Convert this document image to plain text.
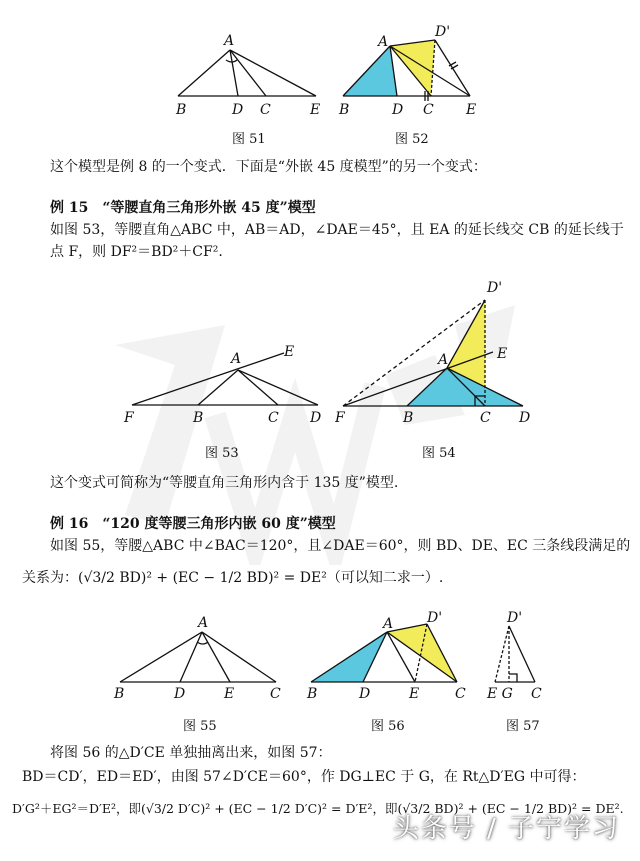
A
B	D C	E
图 51
A
D'
B	D C E
图 52
这个模型是例 8 的一个变式．下面是“外嵌 45 度模型”的另一个变式：
例 15　“等腰直角三角形外嵌 45 度”模型
如图 53，等腰直角△ABC 中，AB＝AD，∠DAE＝45°，且 EA 的延长线交 CB 的延长线于
点 F，则 DF²＝BD²＋CF².
A	E
F	B	C D
图 53
D'
A	E
F	B	C D
图 54
这个变式可简称为“等腰直角三角形内含于 135 度”模型.
例 16　“120 度等腰三角形内嵌 60 度”模型
如图 55，等腰△ABC 中∠BAC＝120°，且∠DAE＝60°，则 BD、DE、EC 三条线段满足的
关系为：(√3/2 BD)² + (EC − 1/2 BD)² = DE²（可以知二求一）.
A
B	D	E	C
图 55
A D'
B	D	E	C
图 56
D'
E G C
图 57
将图 56 的△D′CE 单独抽离出来，如图 57：
BD＝CD′，ED＝ED′，由图 57∠D′CE＝60°，作 DG⊥EC 于 G，在 Rt△D′EG 中可得：
D′G²＋EG²＝D′E²，即(√3/2 D′C)² + (EC − 1/2 D′C)² = D′E²，即(√3/2 BD)² + (EC − 1/2 BD)² = DE².
头条号 / 子宁学习
